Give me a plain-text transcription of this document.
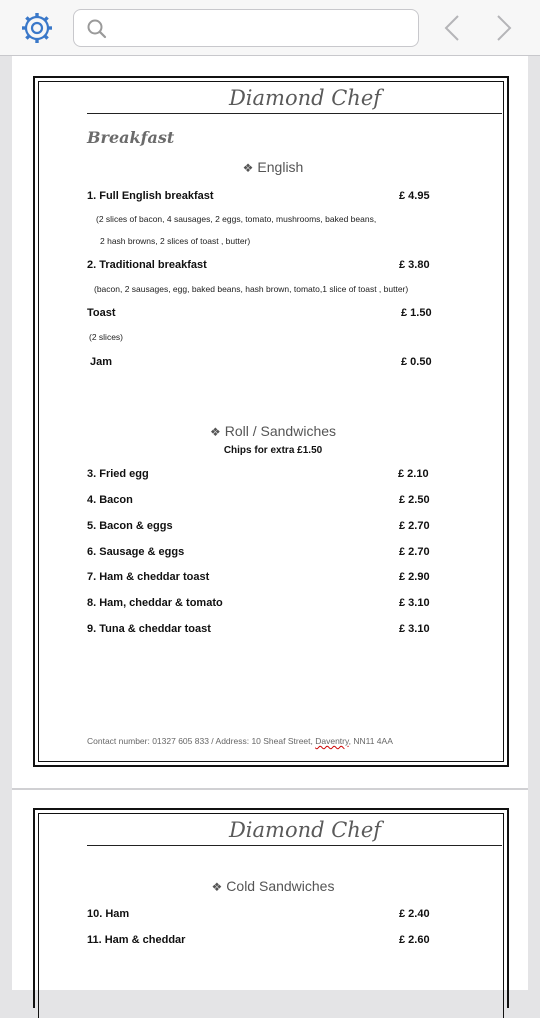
Diamond Chef
Breakfast
❖ English
1. Full English breakfast	£ 4.95
(2 slices of bacon, 4 sausages, 2 eggs, tomato, mushrooms, baked beans,
2 hash browns, 2 slices of toast , butter)
2. Traditional breakfast	£ 3.80
(bacon, 2 sausages, egg, baked beans, hash brown, tomato,1 slice of toast , butter)
Toast	£ 1.50
(2 slices)
Jam	£ 0.50
❖ Roll / Sandwiches
Chips for extra £1.50
3. Fried egg	£ 2.10
4. Bacon	£ 2.50
5. Bacon & eggs	£ 2.70
6. Sausage & eggs	£ 2.70
7. Ham & cheddar toast	£ 2.90
8. Ham, cheddar & tomato	£ 3.10
9. Tuna & cheddar toast	£ 3.10
Contact number: 01327 605 833 / Address: 10 Sheaf Street, Daventry, NN11 4AA
Diamond Chef
❖ Cold Sandwiches
10. Ham	£ 2.40
11. Ham & cheddar	£ 2.60
